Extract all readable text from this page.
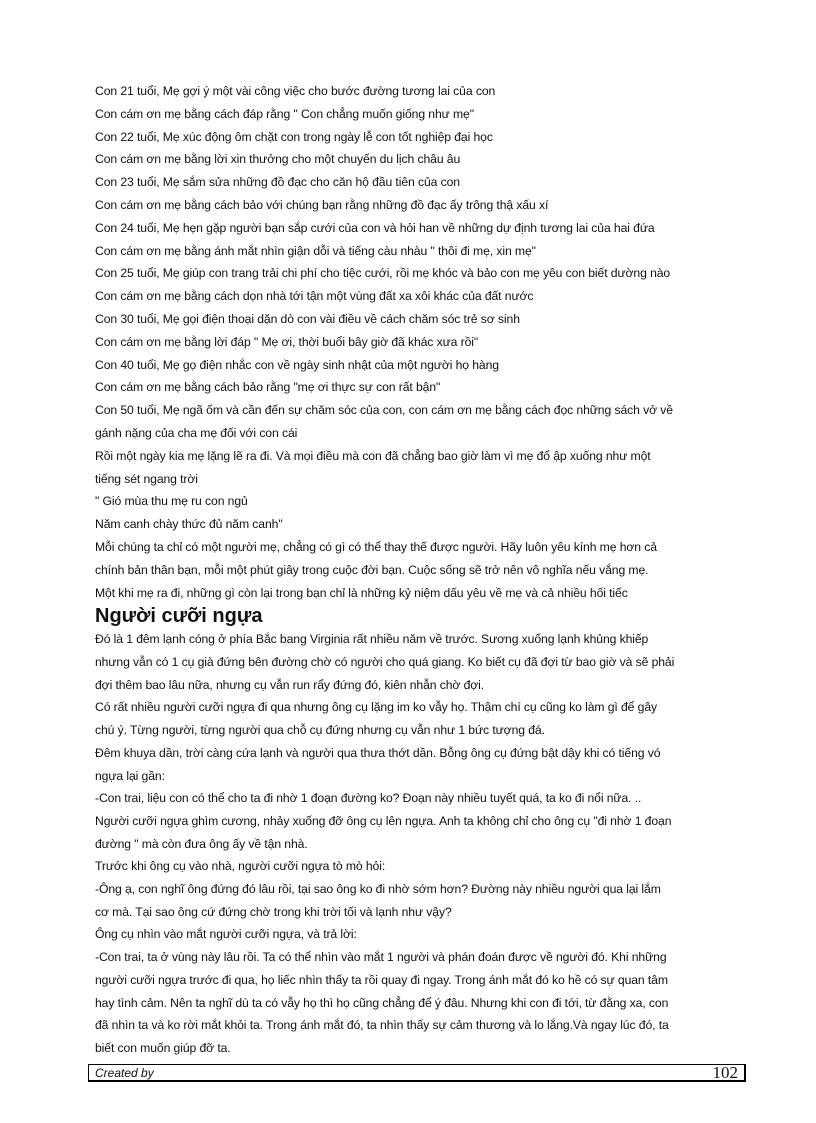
Con 21 tuổi, Mẹ gợi ý một vài công việc cho bước đường tương lai của con
Con cám ơn mẹ bằng cách đáp rằng " Con chẳng muốn giống như mẹ"
Con 22 tuổi, Mẹ xúc động ôm chặt con trong ngày lễ con tốt nghiệp đại học
Con cám ơn mẹ bằng lời xin thưởng cho một chuyến du lịch châu âu
Con 23 tuổi, Mẹ sắm sửa những đồ đạc cho căn hộ đầu tiên của con
Con cám ơn mẹ bằng cách bảo với chúng bạn rằng những đồ đạc ấy trông thậ xấu xí
Con 24 tuổi, Mẹ hẹn gặp người bạn sắp cưới của con và hỏi han về những dự định tương lai của hai đứa
Con cám ơn mẹ bằng ánh mắt nhìn giận dỗi và tiếng càu nhàu " thôi đi mẹ, xin mẹ"
Con 25 tuổi, Mẹ giúp con trang trải chi phí cho tiệc cưới, rồi mẹ khóc và bảo con mẹ yêu con biết dường nào
Con cám ơn mẹ bằng cách dọn nhà tới tận một vùng đất xa xôi khác của đất nước
Con 30 tuổi, Mẹ gọi điện thoại dặn dò con vài điều về cách chăm sóc trẻ sơ sinh
Con cám ơn mẹ bằng lời đáp " Mẹ ơi, thời buổi bây giờ đã khác xưa rồi"
Con 40 tuổi, Mẹ gọ điện nhắc con về ngày sinh nhật của một người họ hàng
Con cám ơn mẹ bằng cách bảo rằng "mẹ ơi thực sự con rất bận"
Con 50 tuổi, Mẹ ngã ốm và cần đến sự chăm sóc của con, con cám ơn mẹ bằng cách đọc những sách vở về
gánh nặng của cha mẹ đối với con cái
Rồi một ngày kia mẹ lặng lẽ ra đi. Và mọi điều mà con đã chẳng bao giờ làm vì mẹ đổ ập xuống như một
tiếng sét ngang trời
" Gió mùa thu mẹ ru con ngủ
Năm canh chày thức đủ năm canh"
Mỗi chúng ta chỉ có một người mẹ, chẳng có gì có thể thay thế được người. Hãy luôn yêu kính mẹ hơn cả
chính bản thân bạn, mỗi một phút giây trong cuộc đời bạn. Cuộc sống sẽ trở nên vô nghĩa nếu vắng mẹ.
Một khi mẹ ra đi, những gì còn lại trong bạn chỉ là những kỷ niệm dấu yêu về mẹ và cả nhiều hối tiếc
Người cưỡi ngựa
Đó là 1 đêm lạnh cóng ở phía Bắc bang Virginia rất nhiều năm về trước. Sương xuống lạnh khủng khiếp
nhưng vẫn có 1 cụ già đứng bên đường chờ có người cho quá giang. Ko biết cụ đã đợi từ bao giờ và sẽ phải
đợi thêm bao lâu nữa, nhưng cụ vẫn run rẩy đứng đó, kiên nhẫn chờ đợi.
Có rất nhiều người cưỡi ngựa đi qua nhưng ông cụ lặng im ko vẫy họ. Thậm chí cụ cũng ko làm gì để gây
chú ý. Từng người, từng người qua chỗ cụ đứng nhưng cụ vẫn như 1 bức tượng đá.
Đêm khuya dần, trời càng cứa lạnh và người qua thưa thớt dần. Bỗng ông cụ đứng bật dậy khi có tiếng vó
ngựa lại gần:
-Con trai, liệu con có thể cho ta đi nhờ 1 đoạn đường ko? Đoạn này nhiều tuyết quá, ta ko đi nổi nữa. ..
Người cưỡi ngựa ghìm cương, nhảy xuống đỡ ông cụ lên ngựa. Anh ta không chỉ cho ông cụ "đi nhờ 1 đoạn
đường " mà còn đưa ông ấy về tận nhà.
Trước khi ông cụ vào nhà, người cưỡi ngựa tò mò hỏi:
-Ông ạ, con nghĩ ông đứng đó lâu rồi, tại sao ông ko đi nhờ sớm hơn? Đường này nhiều người qua lại lắm
cơ mà. Tại sao ông cứ đứng chờ trong khi trời tối và lạnh như vậy?
Ông cụ nhìn vào mắt người cưỡi ngựa, và trả lời:
-Con trai, ta ở vùng này lâu rồi. Ta có thể nhìn vào mắt 1 người và phán đoán được về người đó. Khi những
người cưỡi ngựa trước đi qua, họ liếc nhìn thấy ta rồi quay đi ngay. Trong ánh mắt đó ko hề có sự quan tâm
hay tình cảm. Nên ta nghĩ dù ta có vẫy họ thì họ cũng chẳng để ý đâu. Nhưng khi con đi tới, từ đằng xa, con
đã nhìn ta và ko rời mắt khỏi ta. Trong ánh mắt đó, ta nhìn thấy sự cảm thương và lo lắng.Và ngay lúc đó, ta
biết con muốn giúp đỡ ta.
Created by	102
